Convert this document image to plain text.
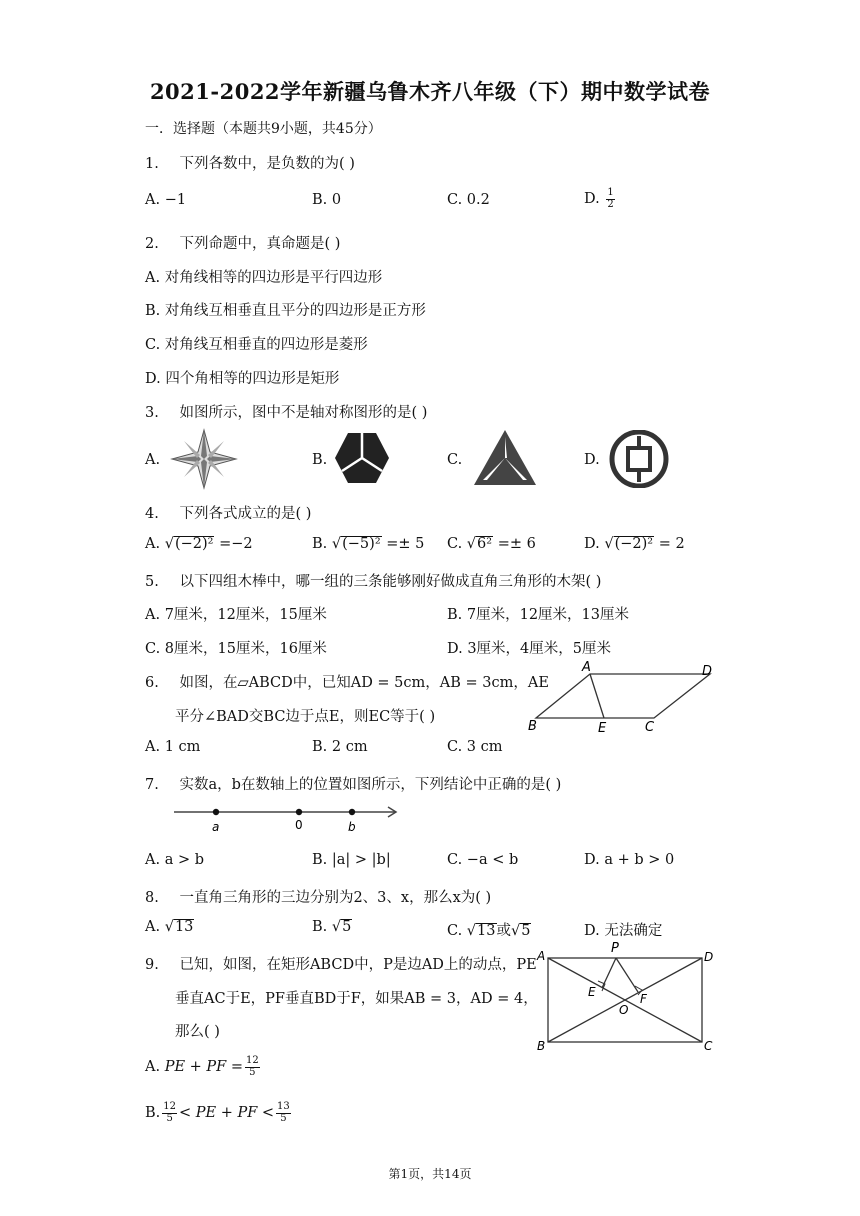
2021-2022学年新疆乌鲁木齐八年级（下）期中数学试卷
一．选择题（本题共9小题，共45分）
1. 下列各数中，是负数的为( )
A. −1	B. 0	C. 0.2	D. $\frac{1}{2}$
2. 下列命题中，真命题是( )
A. 对角线相等的四边形是平行四边形
B. 对角线互相垂直且平分的四边形是正方形
C. 对角线互相垂直的四边形是菱形
D. 四个角相等的四边形是矩形
3. 如图所示，图中不是轴对称图形的是( )
A.	B.	C.	D.
4. 下列各式成立的是( )
A. √(−2)² =−2	B. √(−5)² =± 5 C. √6² =± 6	D. √(−2)² = 2
5. 以下四组木棒中，哪一组的三条能够刚好做成直角三角形的木架( )
A. 7厘米，12厘米，15厘米	B. 7厘米，12厘米，13厘米
C. 8厘米，15厘米，16厘米	D. 3厘米，4厘米，5厘米
6. 如图，在▱ABCD中，已知AD = 5cm，AB = 3cm，AE
平分∠BAD交BC边于点E，则EC等于( )
A. 1 cm	B. 2 cm	C. 3 cm
A	D
B	E	C
7. 实数a，b在数轴上的位置如图所示，下列结论中正确的是( )
a	0	b
A. a > b	B. |a| > |b|	C. −a < b	D. a + b > 0
8. 一直角三角形的三边分别为2、3、x，那么x为( )
A. √13	B. √5	C. √13或√5	D. 无法确定
9. 已知，如图，在矩形ABCD中，P是边AD上的动点，PE
垂直AC于E，PF垂直BD于F，如果AB = 3，AD = 4，
那么( )
A	P
D
E	F
O
B	C
A. PE + PF = $\frac{12}{5}$
B. $\frac{12}{5}$ < PE + PF < $\frac{13}{5}$
第1页，共14页
